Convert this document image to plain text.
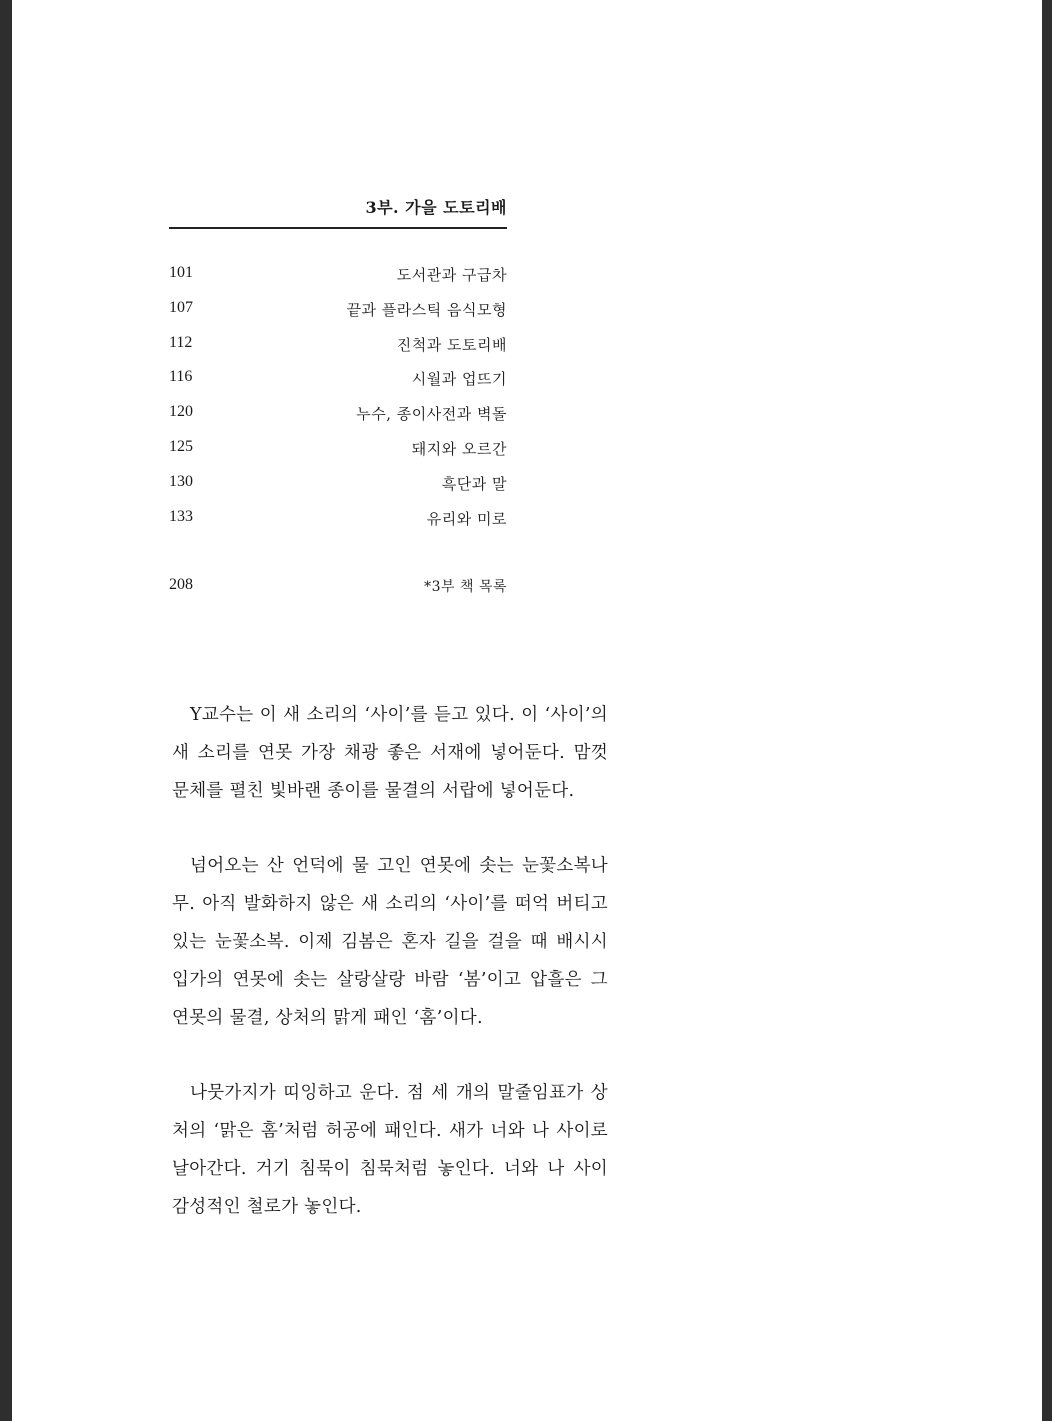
3부. 가을 도토리배
101	도서관과 구급차
107	끝과 플라스틱 음식모형
112	진척과 도토리배
116	시월과 업뜨기
120	누수, 종이사전과 벽돌
125	돼지와 오르간
130	흑단과 말
133	유리와 미로
208	*3부 책 목록

Y교수는 이 새 소리의 ‘사이’를 듣고 있다. 이 ‘사이’의 새 소리를 연못 가장 채광 좋은 서재에 넣어둔다. 맘껏 문체를 펼친 빛바랜 종이를 물결의 서랍에 넣어둔다.

넘어오는 산 언덕에 물 고인 연못에 솟는 눈꽃소복나무. 아직 발화하지 않은 새 소리의 ‘사이’를 떠억 버티고 있는 눈꽃소복. 이제 김봄은 혼자 길을 걸을 때 배시시 입가의 연못에 솟는 살랑살랑 바람 ‘봄’이고 압흘은 그 연못의 물결, 상처의 맑게 패인 ‘홈’이다.

나뭇가지가 띠잉하고 운다. 점 세 개의 말줄임표가 상처의 ‘맑은 홈’처럼 허공에 패인다. 새가 너와 나 사이로 날아간다. 거기 침묵이 침묵처럼 놓인다. 너와 나 사이 감성적인 철로가 놓인다.
